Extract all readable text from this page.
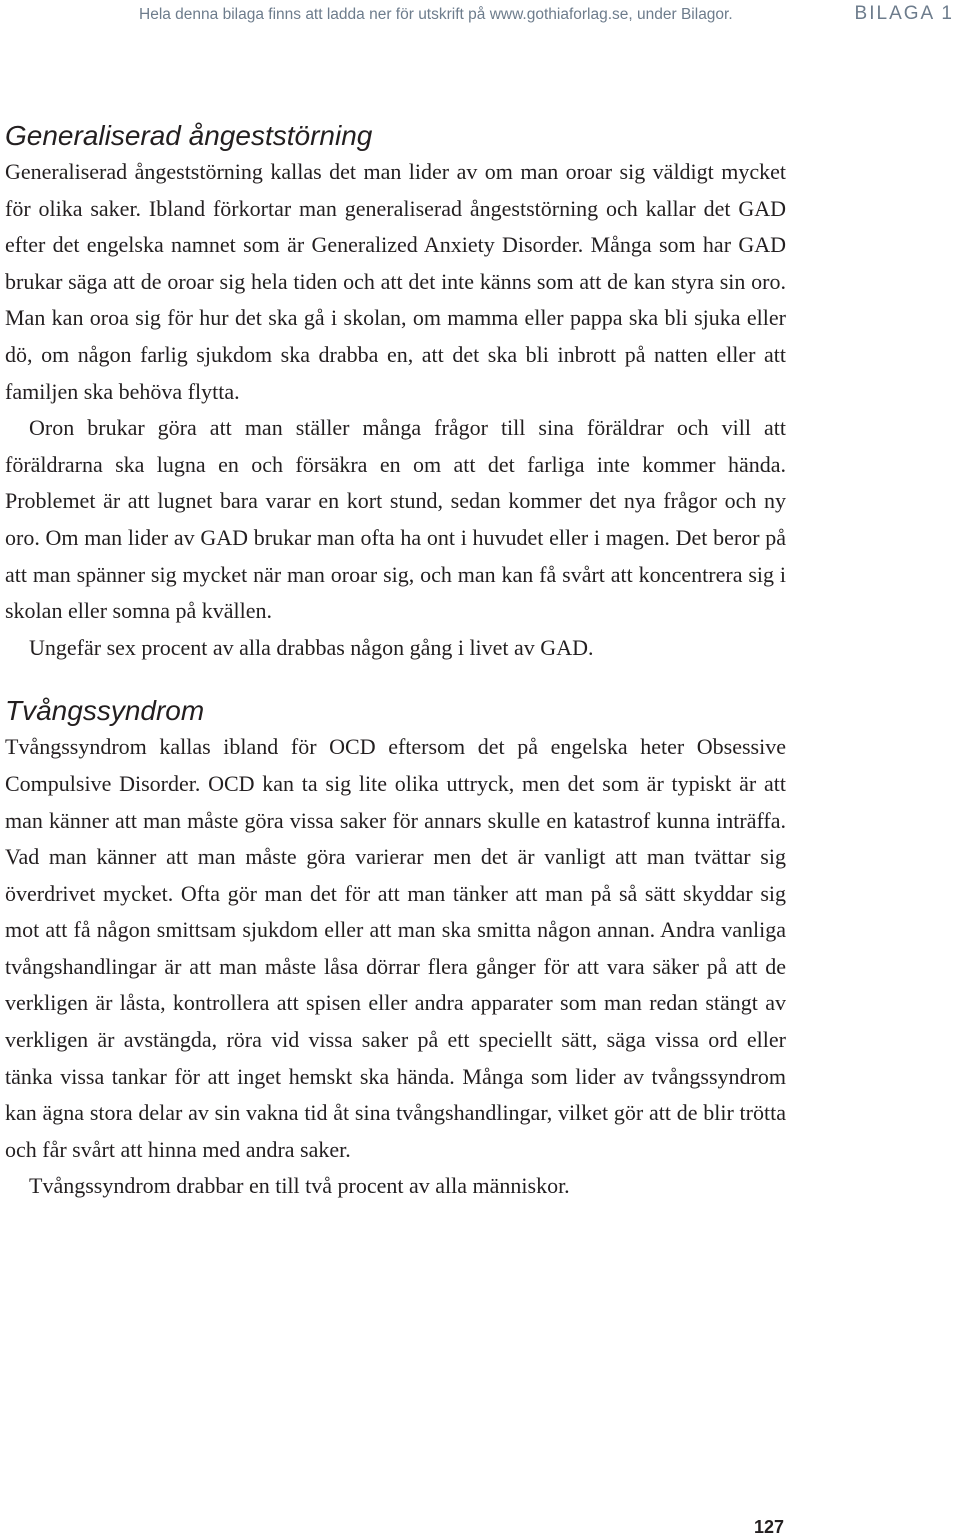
Hela denna bilaga finns att ladda ner för utskrift på www.gothiaforlag.se, under Bilagor.	BILAGA 1
Generaliserad ångeststörning

Generaliserad ångeststörning kallas det man lider av om man oroar sig väldigt mycket för olika saker. Ibland förkortar man generaliserad ångeststörning och kallar det GAD efter det engelska namnet som är Generalized Anxiety Disorder. Många som har GAD brukar säga att de oroar sig hela tiden och att det inte känns som att de kan styra sin oro. Man kan oroa sig för hur det ska gå i skolan, om mamma eller pappa ska bli sjuka eller dö, om någon farlig sjukdom ska drabba en, att det ska bli inbrott på natten eller att familjen ska behöva flytta.

Oron brukar göra att man ställer många frågor till sina föräldrar och vill att föräldrarna ska lugna en och försäkra en om att det farliga inte kommer hända. Problemet är att lugnet bara varar en kort stund, sedan kommer det nya frågor och ny oro. Om man lider av GAD brukar man ofta ha ont i huvudet eller i magen. Det beror på att man spänner sig mycket när man oroar sig, och man kan få svårt att koncentrera sig i skolan eller somna på kvällen.

Ungefär sex procent av alla drabbas någon gång i livet av GAD.

Tvångssyndrom

Tvångssyndrom kallas ibland för OCD eftersom det på engelska heter Obsessive Compulsive Disorder. OCD kan ta sig lite olika uttryck, men det som är typiskt är att man känner att man måste göra vissa saker för annars skulle en katastrof kunna inträffa. Vad man känner att man måste göra varierar men det är vanligt att man tvättar sig överdrivet mycket. Ofta gör man det för att man tänker att man på så sätt skyddar sig mot att få någon smittsam sjukdom eller att man ska smitta någon annan. Andra vanliga tvångshandlingar är att man måste låsa dörrar flera gånger för att vara säker på att de verkligen är låsta, kontrollera att spisen eller andra apparater som man redan stängt av verkligen är avstängda, röra vid vissa saker på ett speciellt sätt, säga vissa ord eller tänka vissa tankar för att inget hemskt ska hända. Många som lider av tvångssyndrom kan ägna stora delar av sin vakna tid åt sina tvångshandlingar, vilket gör att de blir trötta och får svårt att hinna med andra saker.

Tvångssyndrom drabbar en till två procent av alla människor.

127
